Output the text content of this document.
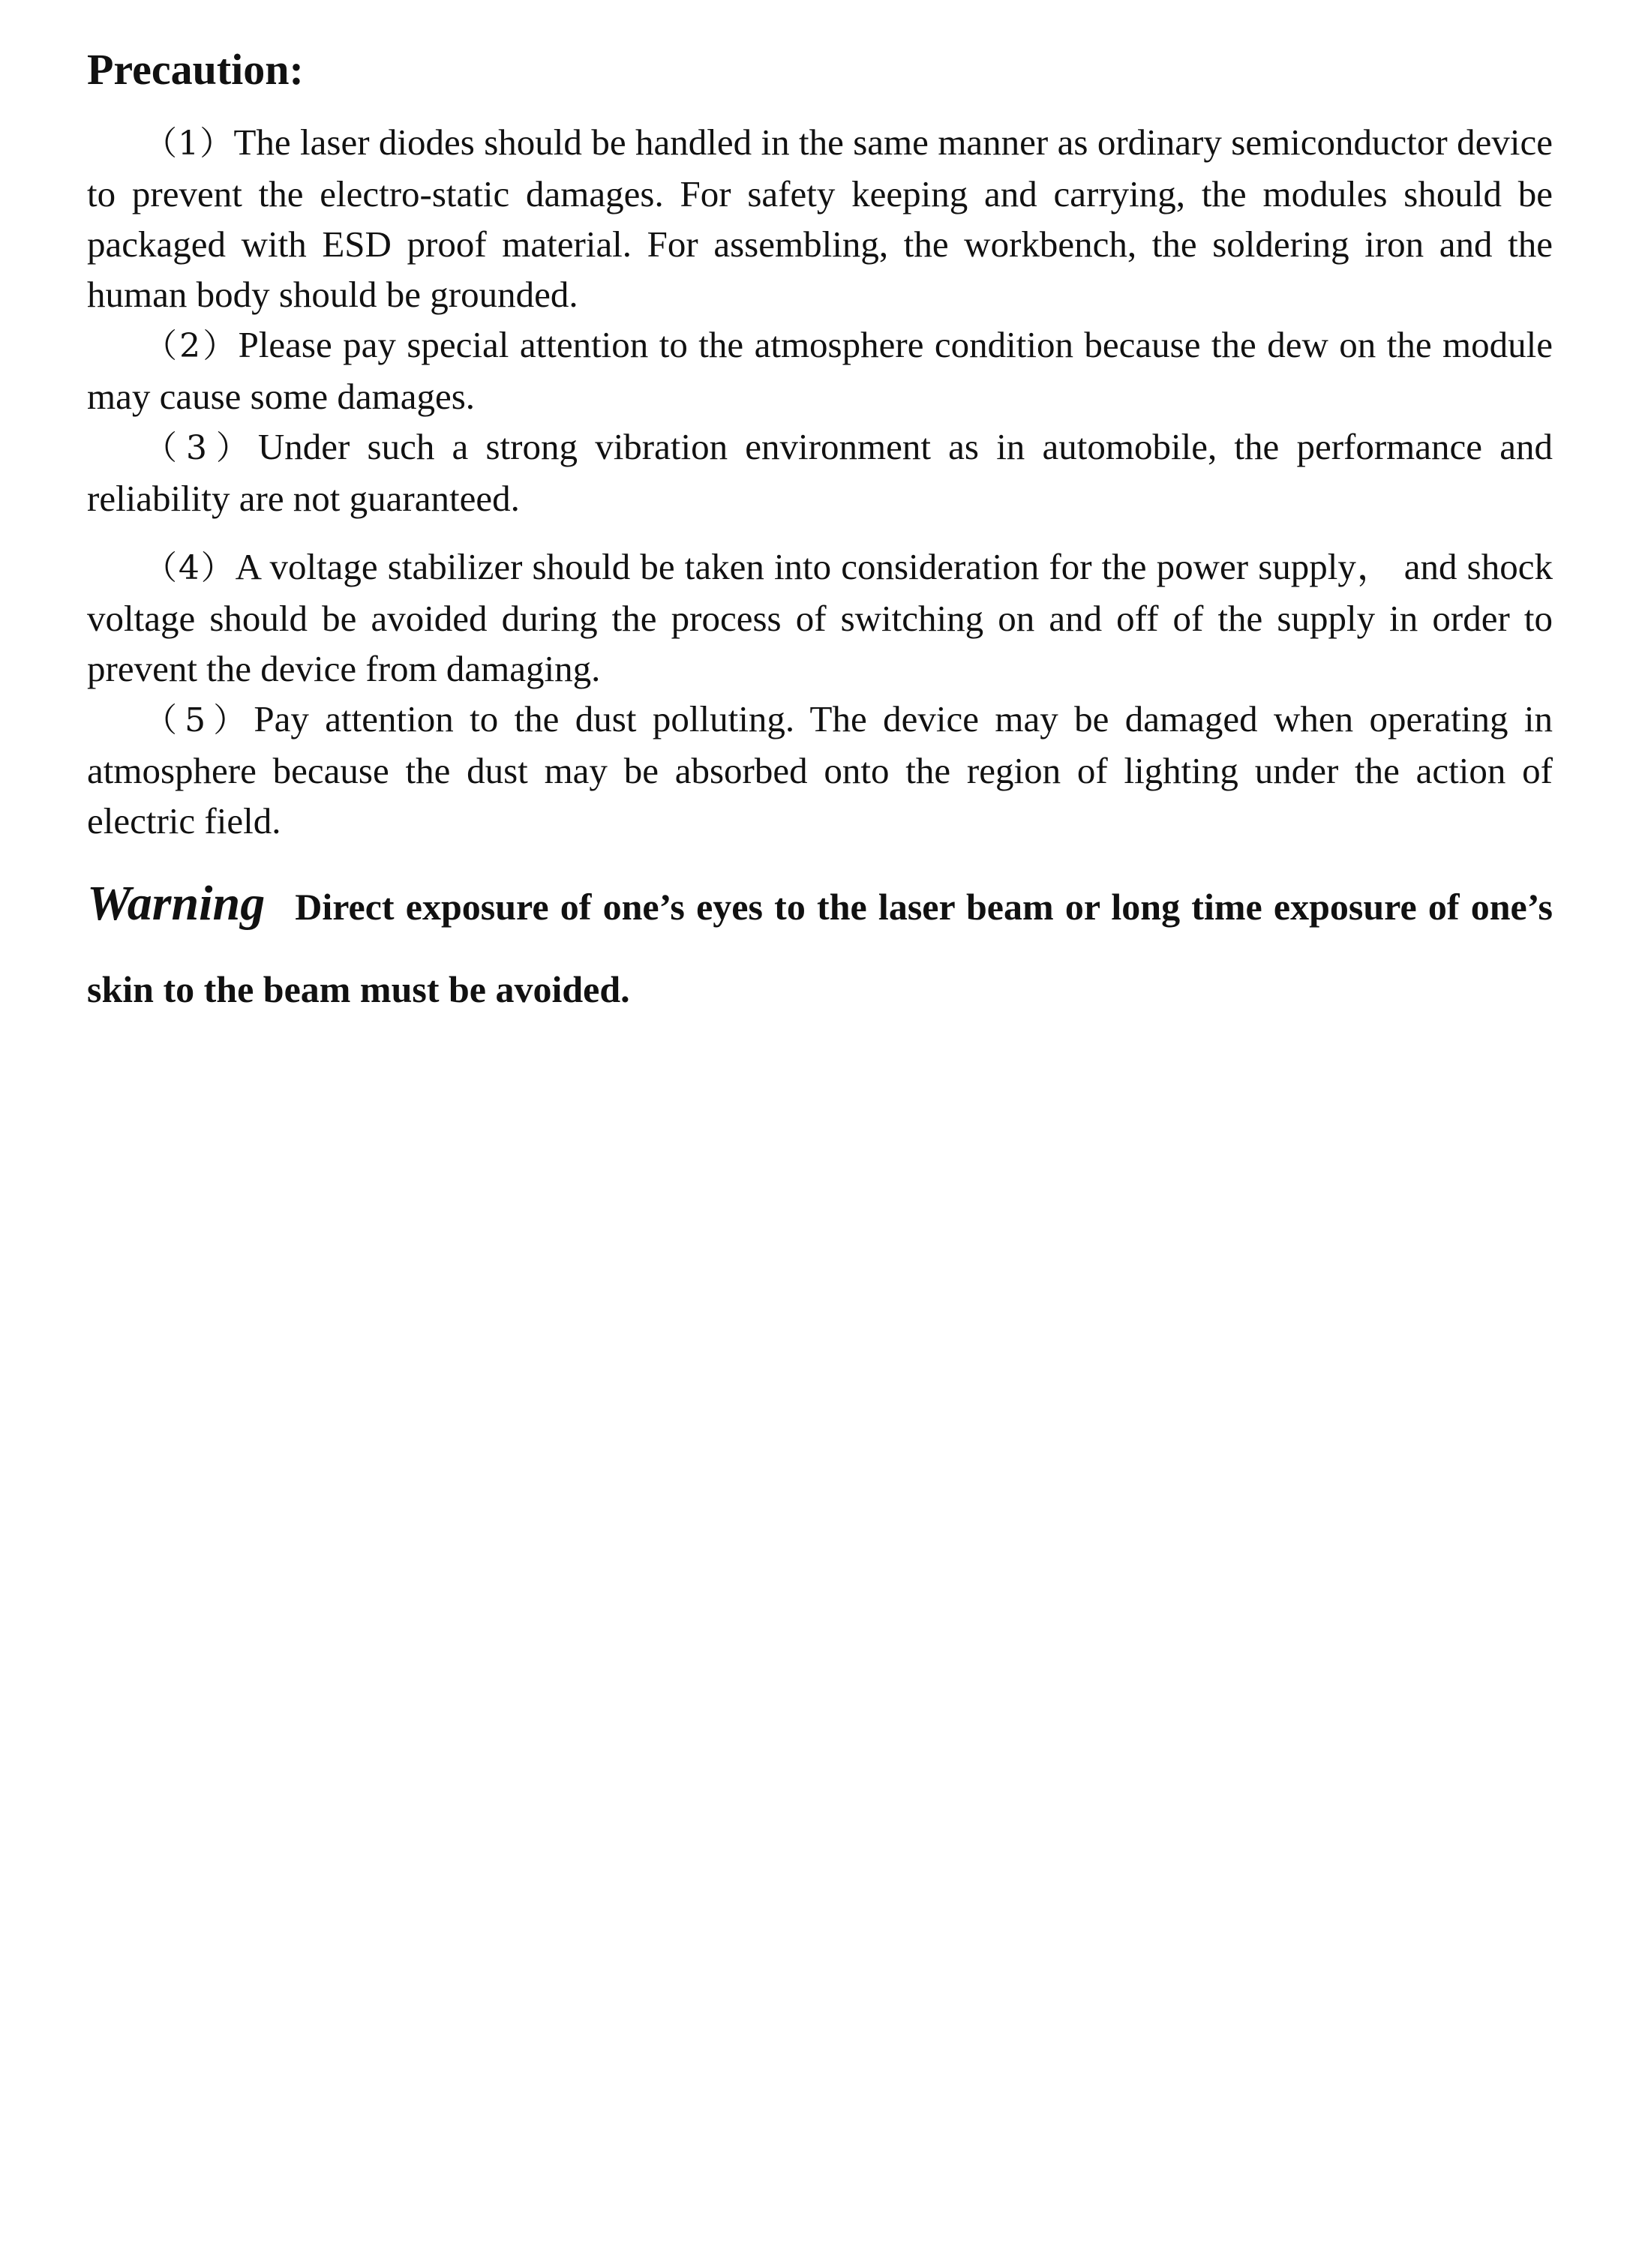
Precaution:

（1）The laser diodes should be handled in the same manner as ordinary semiconductor device to prevent the electro-static damages. For safety keeping and carrying, the modules should be packaged with ESD proof material. For assembling, the workbench, the soldering iron and the human body should be grounded.

（2）Please pay special attention to the atmosphere condition because the dew on the module may cause some damages.

（3）Under such a strong vibration environment as in automobile, the performance and reliability are not guaranteed.

（4）A voltage stabilizer should be taken into consideration for the power supply， and shock voltage should be avoided during the process of switching on and off of the supply in order to prevent the device from damaging.

（5）Pay attention to the dust polluting. The device may be damaged when operating in atmosphere because the dust may be absorbed onto the region of lighting under the action of electric field.

Warning Direct exposure of one’s eyes to the laser beam or long time exposure of one’s skin to the beam must be avoided.
